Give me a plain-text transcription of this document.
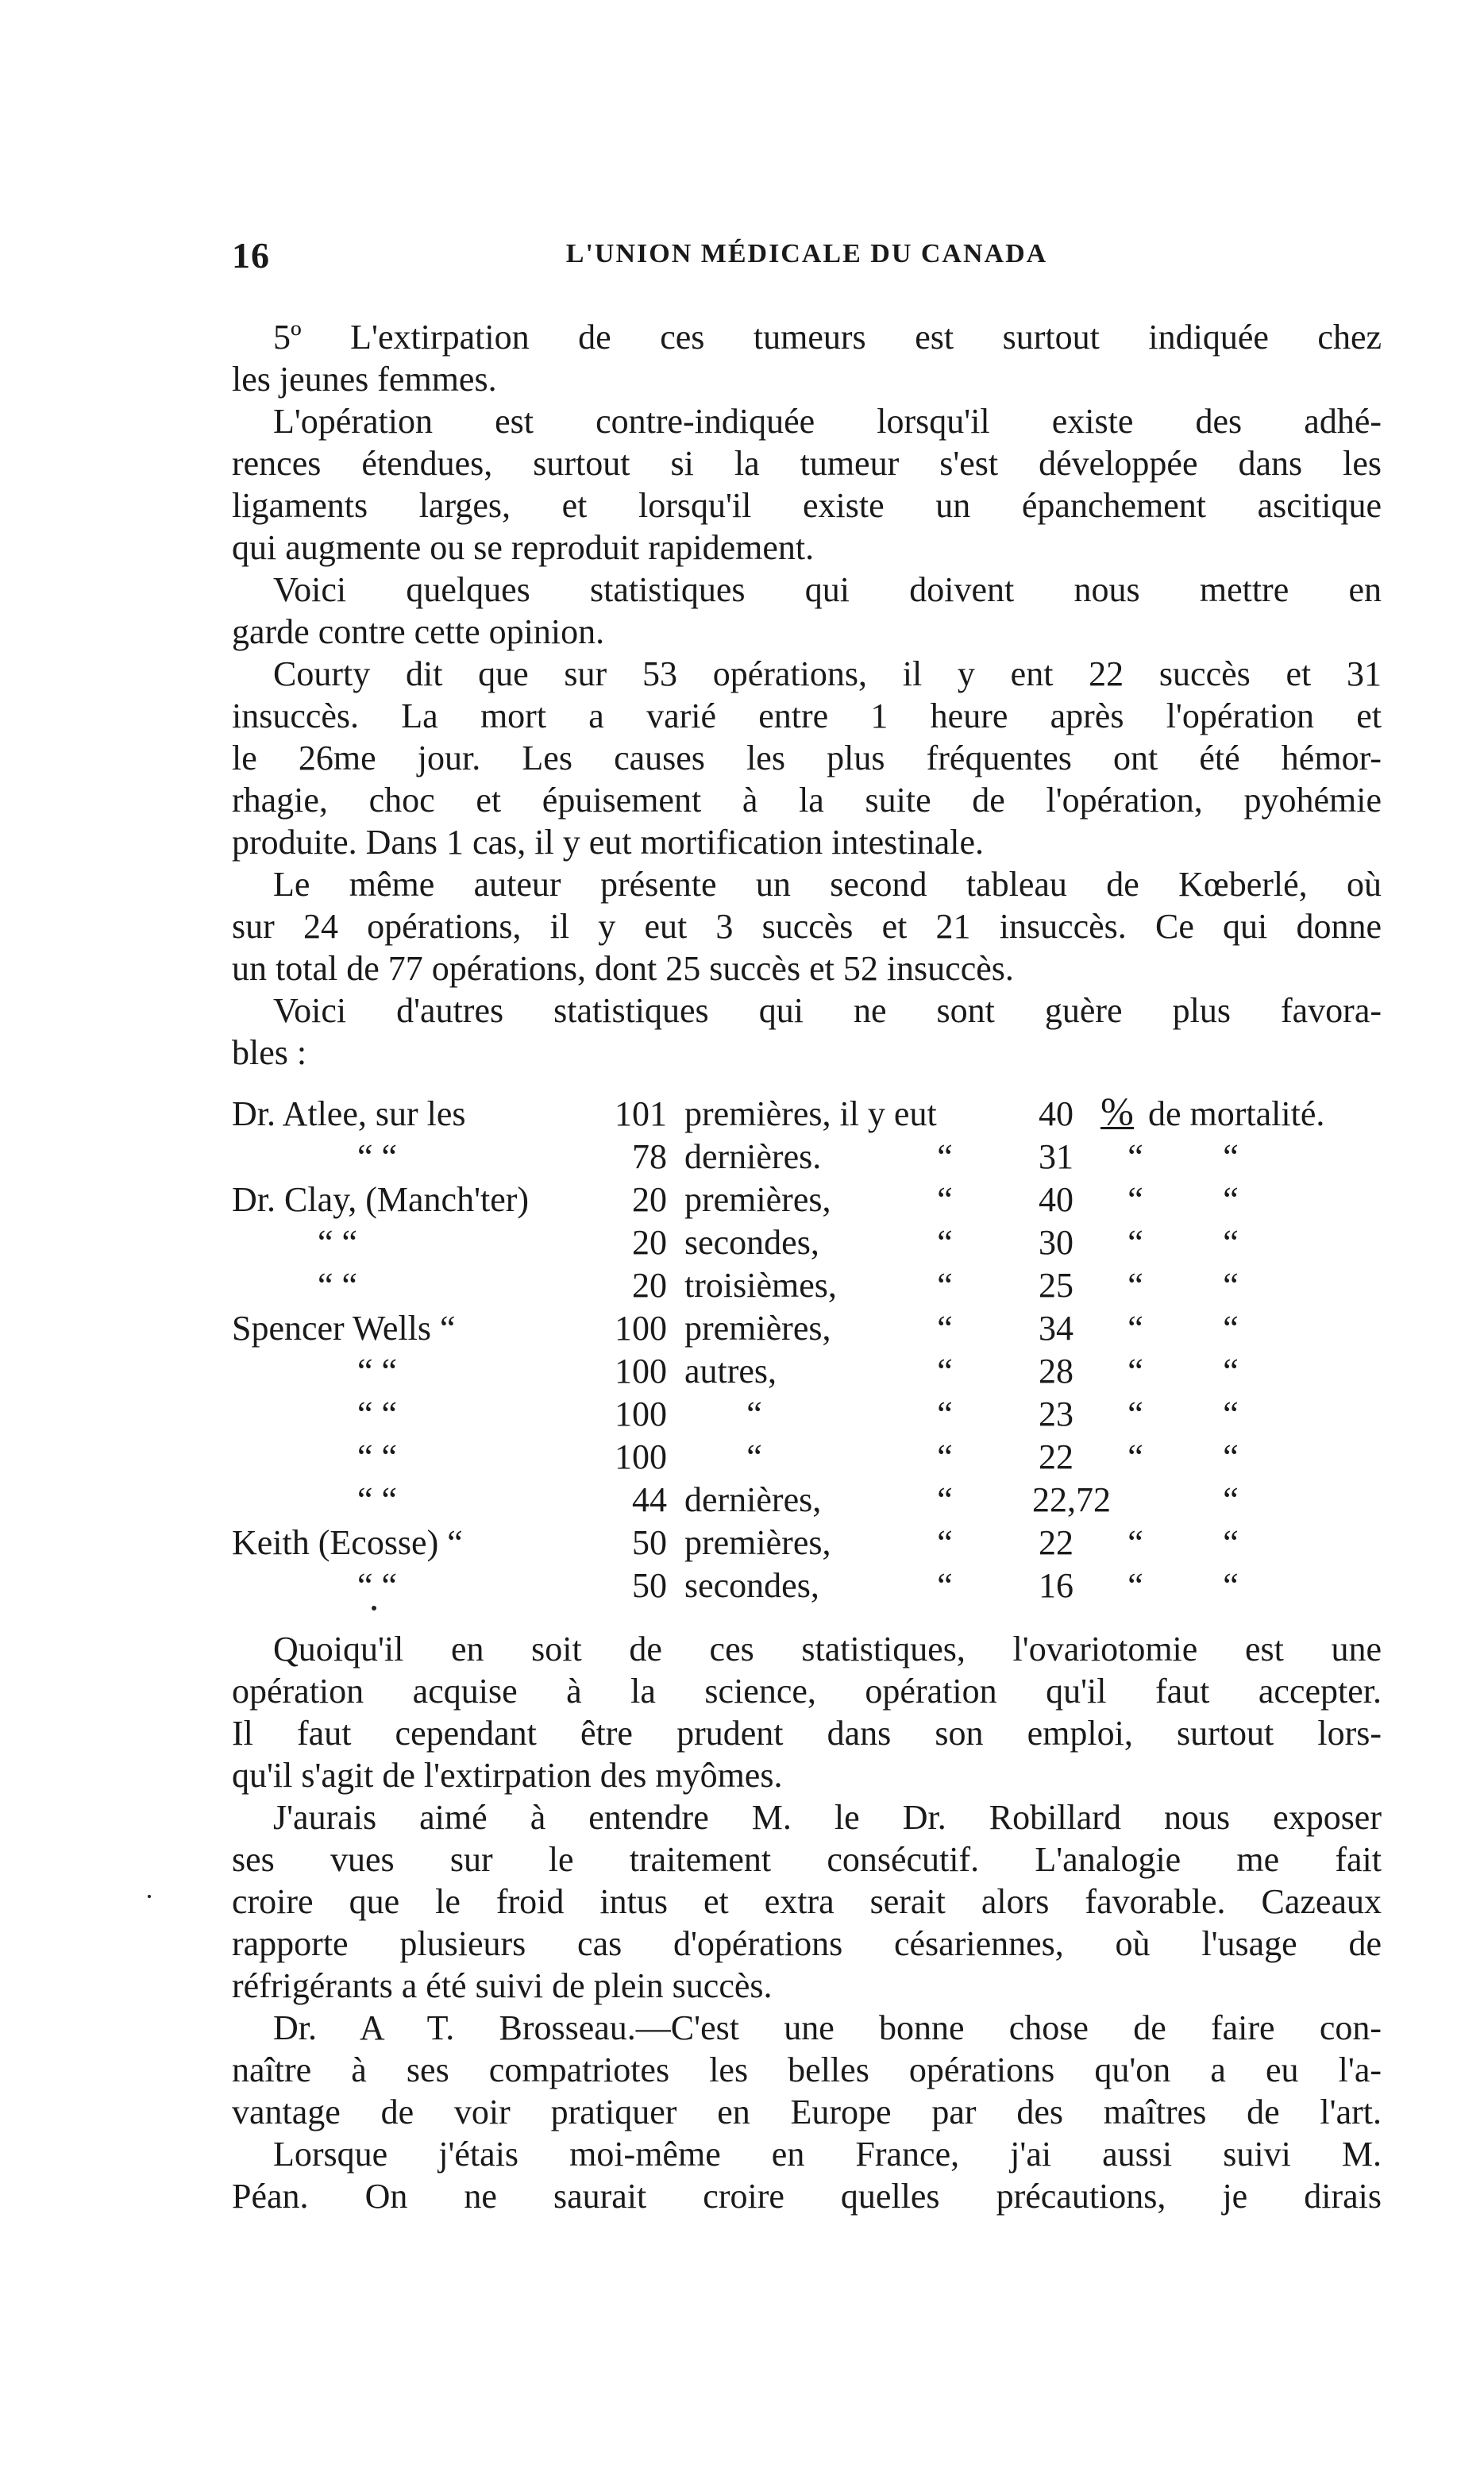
16	L'UNION MÉDICALE DU CANADA
5º L'extirpation de ces tumeurs est surtout indiquée chez
les jeunes femmes.
L'opération est contre-indiquée lorsqu'il existe des adhé-
rences étendues, surtout si la tumeur s'est développée dans les
ligaments larges, et lorsqu'il existe un épanchement ascitique
qui augmente ou se reproduit rapidement.
Voici quelques statistiques qui doivent nous mettre en
garde contre cette opinion.
Courty dit que sur 53 opérations, il y ent 22 succès et 31
insuccès. La mort a varié entre 1 heure après l'opération et
le 26me jour. Les causes les plus fréquentes ont été hémor-
rhagie, choc et épuisement à la suite de l'opération, pyohémie
produite. Dans 1 cas, il y eut mortification intestinale.
Le même auteur présente un second tableau de Kœberlé, où
sur 24 opérations, il y eut 3 succès et 21 insuccès. Ce qui donne
un total de 77 opérations, dont 25 succès et 52 insuccès.
Voici d'autres statistiques qui ne sont guère plus favora-
bles :
Dr. Atlee, sur les	101 premières, il y eut	40 % de mortalité.
“ “	78 dernières.	“	31	“ “
Dr. Clay, (Manch'ter)	20 premières,	“	40	“ “
“ “	20 secondes,	“	30	“ “
“ “	20 troisièmes,	“	25	“ “
Spencer Wells “	100 premières,	“	34	“ “
“ “	100 autres,	“	28	“ “
“ “	100 “	“	23	“ “
“ “	100 “	“	22	“ “
“ “	44 dernières,	“ 22,72	“
Keith (Ecosse) “	50 premières,	“	22	“ “
“ “	50 secondes,	“	16	“ “
Quoiqu'il en soit de ces statistiques, l'ovariotomie est une
opération acquise à la science, opération qu'il faut accepter.
Il faut cependant être prudent dans son emploi, surtout lors-
qu'il s'agit de l'extirpation des myômes.
J'aurais aimé à entendre M. le Dr. Robillard nous exposer
ses vues sur le traitement consécutif. L'analogie me fait
croire que le froid intus et extra serait alors favorable. Cazeaux
rapporte plusieurs cas d'opérations césariennes, où l'usage de
réfrigérants a été suivi de plein succès.
Dr. A T. Brosseau.—C'est une bonne chose de faire con-
naître à ses compatriotes les belles opérations qu'on a eu l'a-
vantage de voir pratiquer en Europe par des maîtres de l'art.
Lorsque j'étais moi-même en France, j'ai aussi suivi M.
Péan. On ne saurait croire quelles précautions, je dirais
